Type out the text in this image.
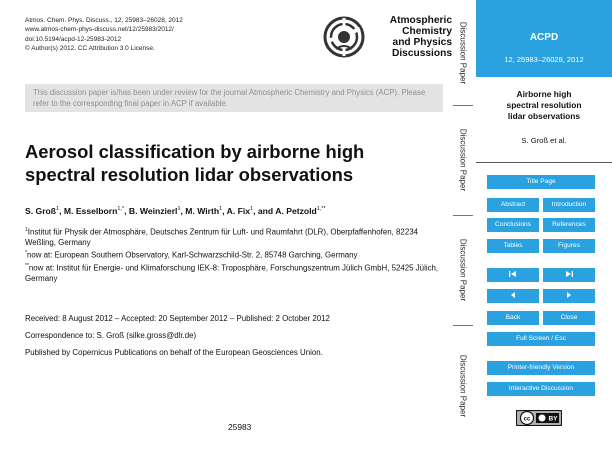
Atmos. Chem. Phys. Discuss., 12, 25983–26028, 2012
www.atmos-chem-phys-discuss.net/12/25983/2012/
doi:10.5194/acpd-12-25983-2012
© Author(s) 2012. CC Attribution 3.0 License.
Atmospheric
Chemistry
and Physics
Discussions
This discussion paper is/has been under review for the journal Atmospheric Chemistry and Physics (ACP). Please refer to the corresponding final paper in ACP if available.
Aerosol classification by airborne high spectral resolution lidar observations
S. Groß$^1$, M. Esselborn$^{1,*}$, B. Weinzierl$^1$, M. Wirth$^1$, A. Fix$^1$, and A. Petzold$^{1,**}$
$^1$Institut für Physik der Atmosphäre, Deutsches Zentrum für Luft- und Raumfahrt (DLR), Oberpfaffenhofen, 82234 Weßling, Germany
*now at: European Southern Observatory, Karl-Schwarzschild-Str. 2, 85748 Garching, Germany
**now at: Institut für Energie- und Klimaforschung IEK-8: Troposphäre, Forschungszentrum Jülich GmbH, 52425 Jülich, Germany
Received: 8 August 2012 – Accepted: 20 September 2012 – Published: 2 October 2012
Correspondence to: S. Groß (silke.gross@dlr.de)
Published by Copernicus Publications on behalf of the European Geosciences Union.
25983
Discussion Paper
Discussion Paper
Discussion Paper
Discussion Paper
ACPD
12, 25983–26028, 2012
Airborne high
spectral resolution
lidar observations
S. Groß et al.
Title Page
Abstract	Introduction
Conclusions	References
Tables	Figures
Back	Close
Full Screen / Esc
Printer-friendly Version
Interactive Discussion
cc	BY
